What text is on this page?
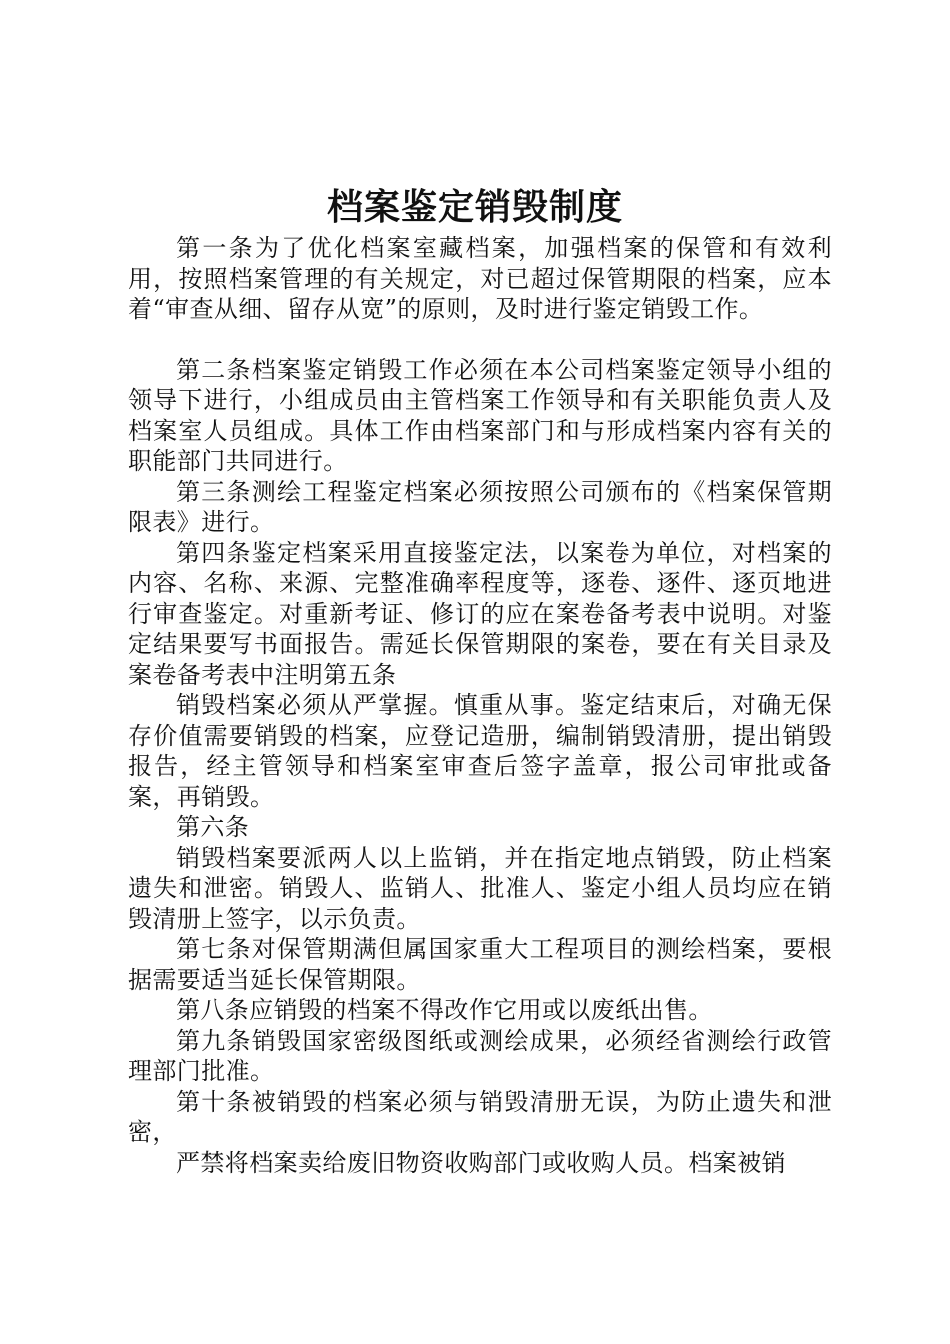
档案鉴定销毁制度

第一条为了优化档案室藏档案，加强档案的保管和有效利用，按照档案管理的有关规定，对已超过保管期限的档案，应本着“审查从细、留存从宽”的原则，及时进行鉴定销毁工作。

第二条档案鉴定销毁工作必须在本公司档案鉴定领导小组的领导下进行，小组成员由主管档案工作领导和有关职能负责人及档案室人员组成。具体工作由档案部门和与形成档案内容有关的职能部门共同进行。

第三条测绘工程鉴定档案必须按照公司颁布的《档案保管期限表》进行。

第四条鉴定档案采用直接鉴定法，以案卷为单位，对档案的内容、名称、来源、完整准确率程度等，逐卷、逐件、逐页地进行审查鉴定。对重新考证、修订的应在案卷备考表中说明。对鉴定结果要写书面报告。需延长保管期限的案卷，要在有关目录及案卷备考表中注明第五条

销毁档案必须从严掌握。慎重从事。鉴定结束后，对确无保存价值需要销毁的档案，应登记造册，编制销毁清册，提出销毁报告，经主管领导和档案室审查后签字盖章，报公司审批或备案，再销毁。

第六条

销毁档案要派两人以上监销，并在指定地点销毁，防止档案遗失和泄密。销毁人、监销人、批准人、鉴定小组人员均应在销毁清册上签字，以示负责。

第七条对保管期满但属国家重大工程项目的测绘档案，要根据需要适当延长保管期限。

第八条应销毁的档案不得改作它用或以废纸出售。

第九条销毁国家密级图纸或测绘成果，必须经省测绘行政管理部门批准。

第十条被销毁的档案必须与销毁清册无误，为防止遗失和泄密，

严禁将档案卖给废旧物资收购部门或收购人员。档案被销
